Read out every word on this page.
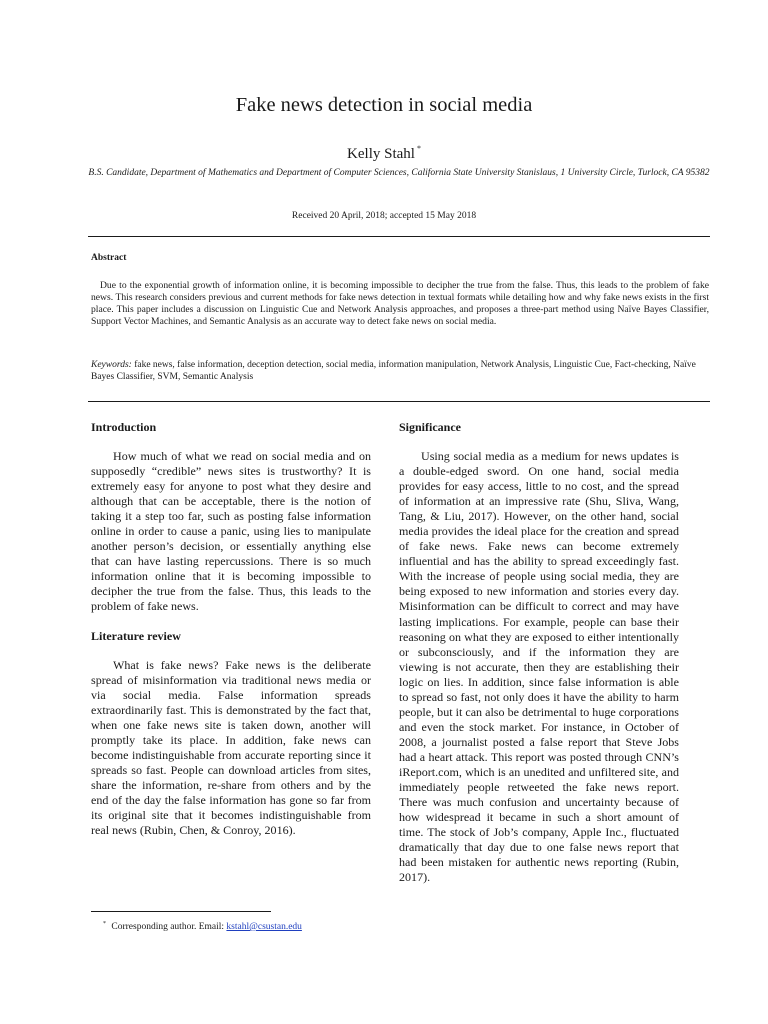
Fake news detection in social media
Kelly Stahl *
B.S. Candidate, Department of Mathematics and Department of Computer Sciences, California State University Stanislaus, 1 University Circle, Turlock, CA 95382
Received 20 April, 2018; accepted 15 May 2018
Abstract

Due to the exponential growth of information online, it is becoming impossible to decipher the true from the false. Thus, this leads to the problem of fake news. This research considers previous and current methods for fake news detection in textual formats while detailing how and why fake news exists in the first place. This paper includes a discussion on Linguistic Cue and Network Analysis approaches, and proposes a three-part method using Naïve Bayes Classifier, Support Vector Machines, and Semantic Analysis as an accurate way to detect fake news on social media.

Keywords: fake news, false information, deception detection, social media, information manipulation, Network Analysis, Linguistic Cue, Fact-checking, Naïve Bayes Classifier, SVM, Semantic Analysis
Introduction

How much of what we read on social media and on supposedly “credible” news sites is trustworthy? It is extremely easy for anyone to post what they desire and although that can be acceptable, there is the notion of taking it a step too far, such as posting false information online in order to cause a panic, using lies to manipulate another person’s decision, or essentially anything else that can have lasting repercussions. There is so much information online that it is becoming impossible to decipher the true from the false. Thus, this leads to the problem of fake news.

Literature review

What is fake news? Fake news is the deliberate spread of misinformation via traditional news media or via social media. False information spreads extraordinarily fast. This is demonstrated by the fact that, when one fake news site is taken down, another will promptly take its place. In addition, fake news can become indistinguishable from accurate reporting since it spreads so fast. People can download articles from sites, share the information, re-share from others and by the end of the day the false information has gone so far from its original site that it becomes indistinguishable from real news (Rubin, Chen, & Conroy, 2016).

Significance

Using social media as a medium for news updates is a double-edged sword. On one hand, social media provides for easy access, little to no cost, and the spread of information at an impressive rate (Shu, Sliva, Wang, Tang, & Liu, 2017). However, on the other hand, social media provides the ideal place for the creation and spread of fake news. Fake news can become extremely influential and has the ability to spread exceedingly fast. With the increase of people using social media, they are being exposed to new information and stories every day. Misinformation can be difficult to correct and may have lasting implications. For example, people can base their reasoning on what they are exposed to either intentionally or subconsciously, and if the information they are viewing is not accurate, then they are establishing their logic on lies. In addition, since false information is able to spread so fast, not only does it have the ability to harm people, but it can also be detrimental to huge corporations and even the stock market. For instance, in October of 2008, a journalist posted a false report that Steve Jobs had a heart attack. This report was posted through CNN’s iReport.com, which is an unedited and unfiltered site, and immediately people retweeted the fake news report. There was much confusion and uncertainty because of how widespread it became in such a short amount of time. The stock of Job’s company, Apple Inc., fluctuated dramatically that day due to one false news report that had been mistaken for authentic news reporting (Rubin, 2017).

* Corresponding author. Email: kstahl@csustan.edu
